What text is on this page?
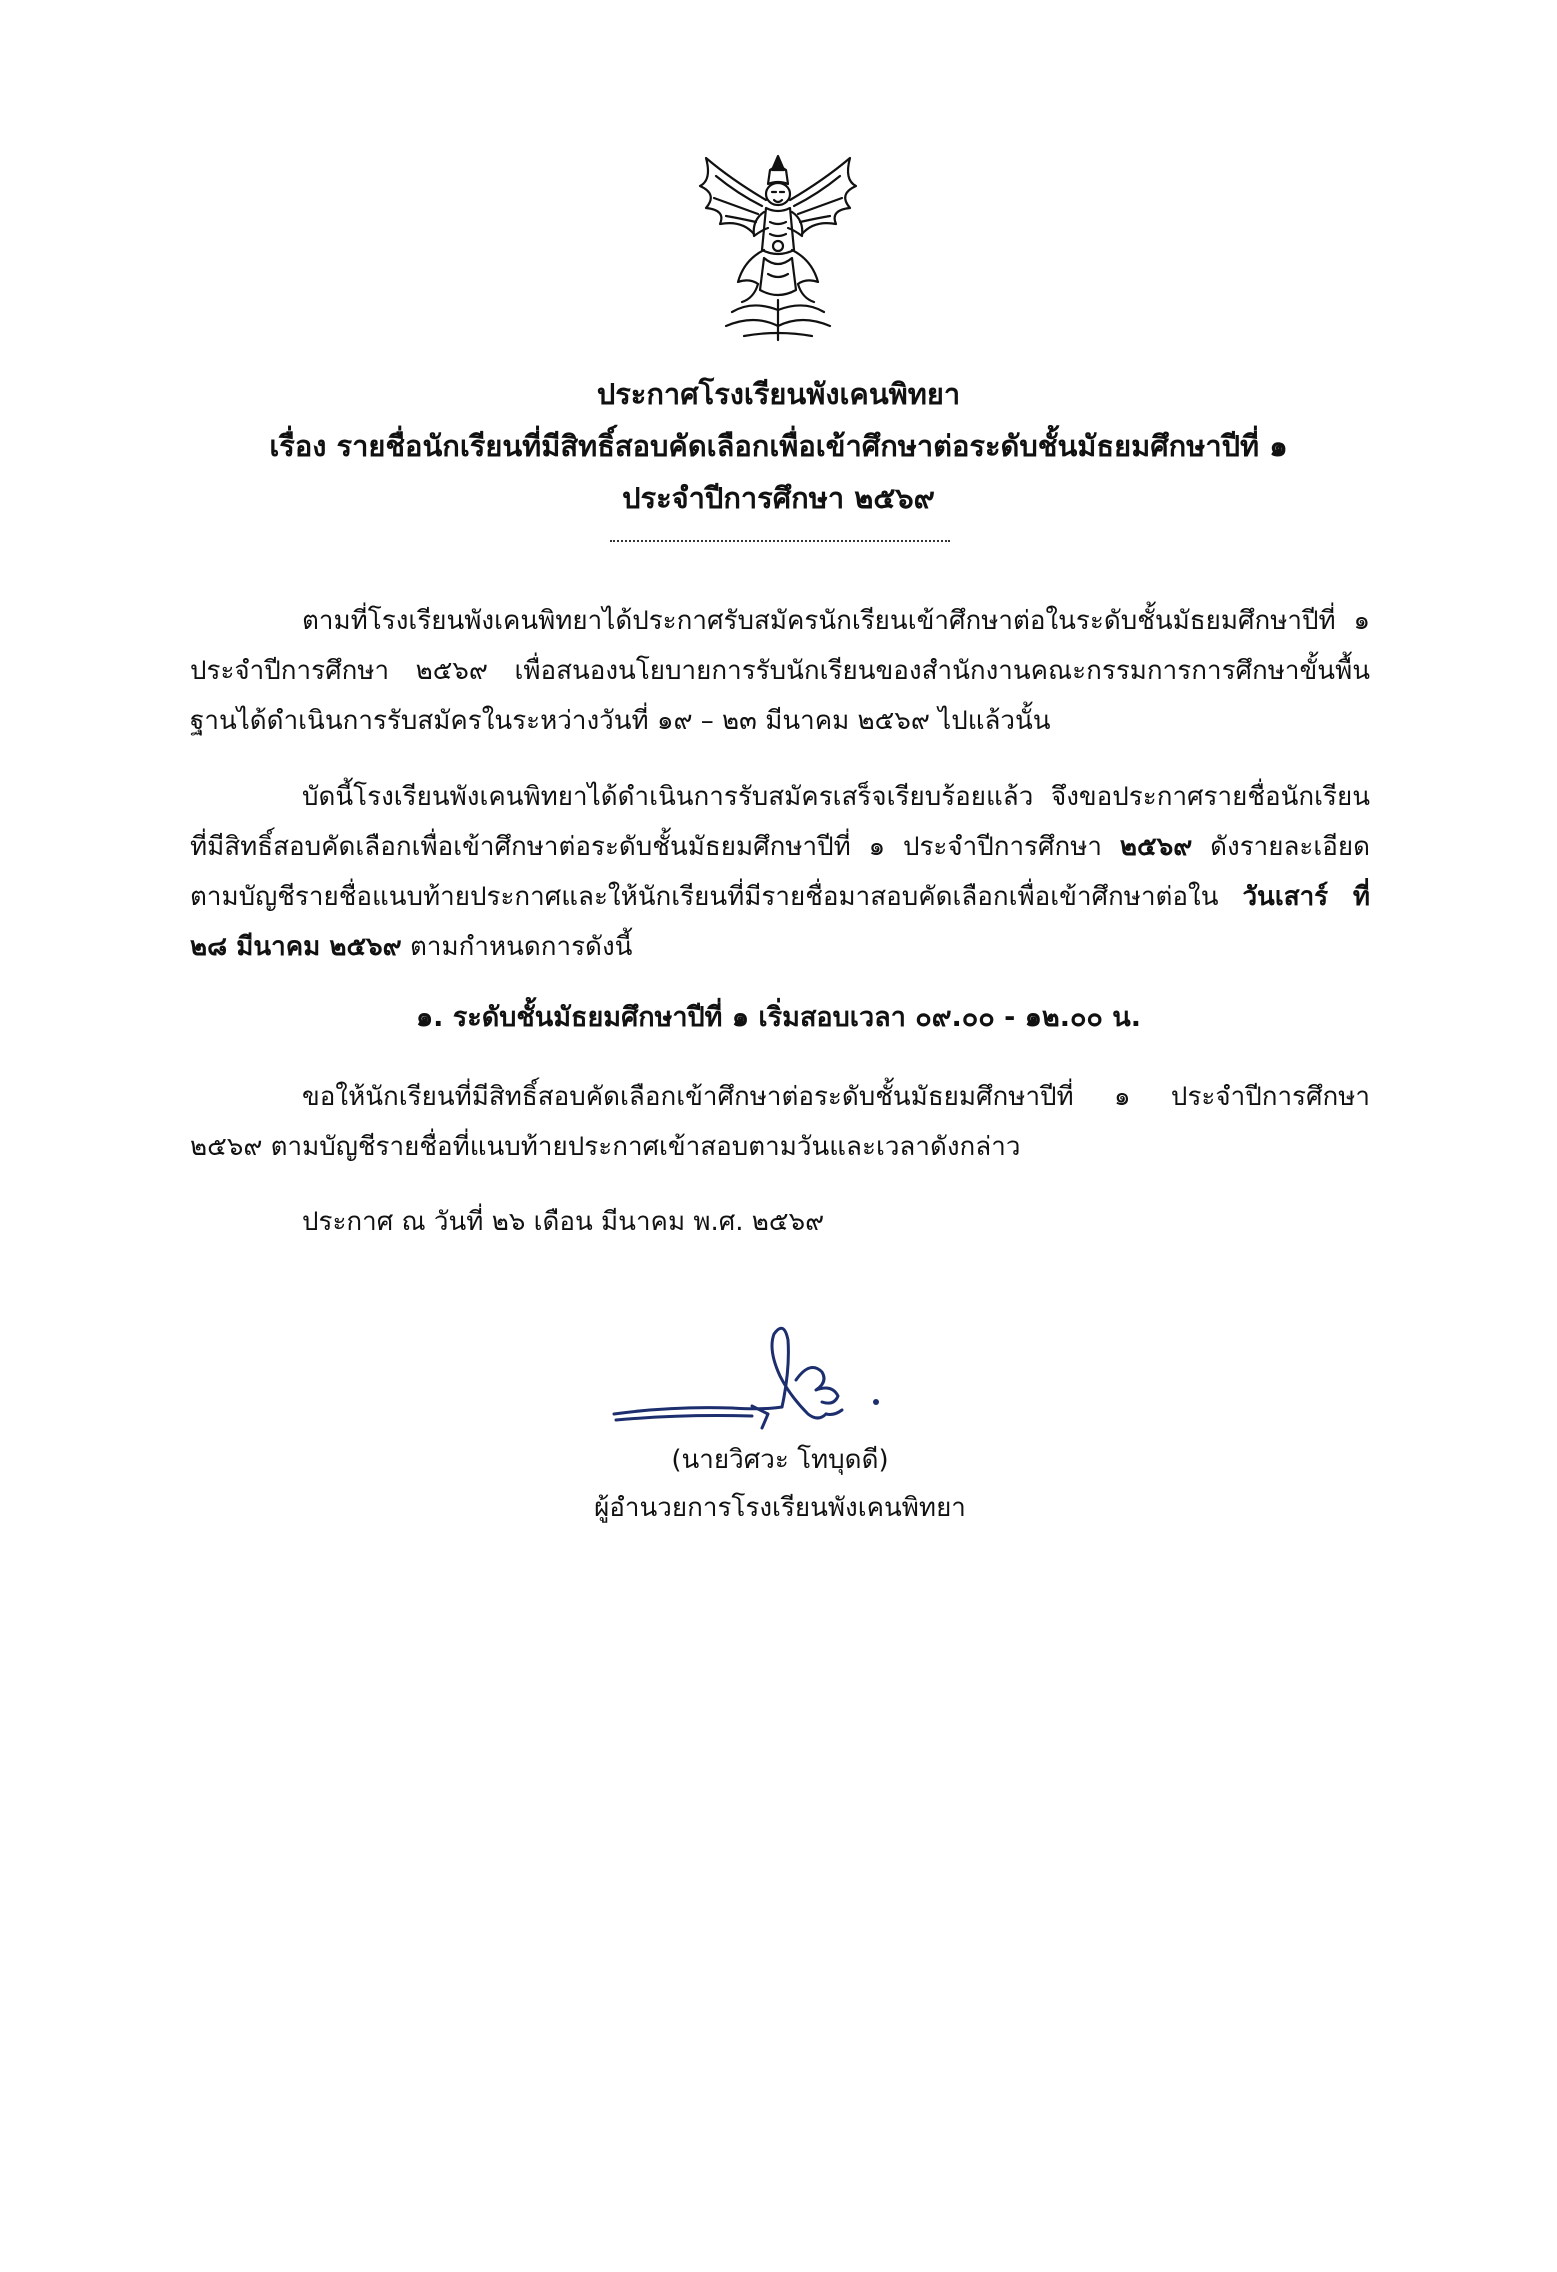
ประกาศโรงเรียนพังเคนพิทยา
เรื่อง รายชื่อนักเรียนที่มีสิทธิ์สอบคัดเลือกเพื่อเข้าศึกษาต่อระดับชั้นมัธยมศึกษาปีที่ ๑
ประจำปีการศึกษา ๒๕๖๙
ตามที่โรงเรียนพังเคนพิทยาได้ประกาศรับสมัครนักเรียนเข้าศึกษาต่อในระดับชั้นมัธยมศึกษาปีที่ ๑ ประจำปีการศึกษา ๒๕๖๙ เพื่อสนองนโยบายการรับนักเรียนของสำนักงานคณะกรรมการการศึกษาขั้นพื้นฐานได้ดำเนินการรับสมัครในระหว่างวันที่ ๑๙ – ๒๓ มีนาคม ๒๕๖๙ ไปแล้วนั้น
บัดนี้โรงเรียนพังเคนพิทยาได้ดำเนินการรับสมัครเสร็จเรียบร้อยแล้ว จึงขอประกาศรายชื่อนักเรียนที่มีสิทธิ์สอบคัดเลือกเพื่อเข้าศึกษาต่อระดับชั้นมัธยมศึกษาปีที่ ๑ ประจำปีการศึกษา ๒๕๖๙ ดังรายละเอียดตามบัญชีรายชื่อแนบท้ายประกาศและให้นักเรียนที่มีรายชื่อมาสอบคัดเลือกเพื่อเข้าศึกษาต่อใน วันเสาร์ ที่ ๒๘ มีนาคม ๒๕๖๙ ตามกำหนดการดังนี้
๑. ระดับชั้นมัธยมศึกษาปีที่ ๑ เริ่มสอบเวลา ๐๙.๐๐ - ๑๒.๐๐ น.
ขอให้นักเรียนที่มีสิทธิ์สอบคัดเลือกเข้าศึกษาต่อระดับชั้นมัธยมศึกษาปีที่ ๑ ประจำปีการศึกษา ๒๕๖๙ ตามบัญชีรายชื่อที่แนบท้ายประกาศเข้าสอบตามวันและเวลาดังกล่าว
ประกาศ ณ วันที่ ๒๖ เดือน มีนาคม พ.ศ. ๒๕๖๙
(นายวิศวะ โทบุดดี)
ผู้อำนวยการโรงเรียนพังเคนพิทยา
